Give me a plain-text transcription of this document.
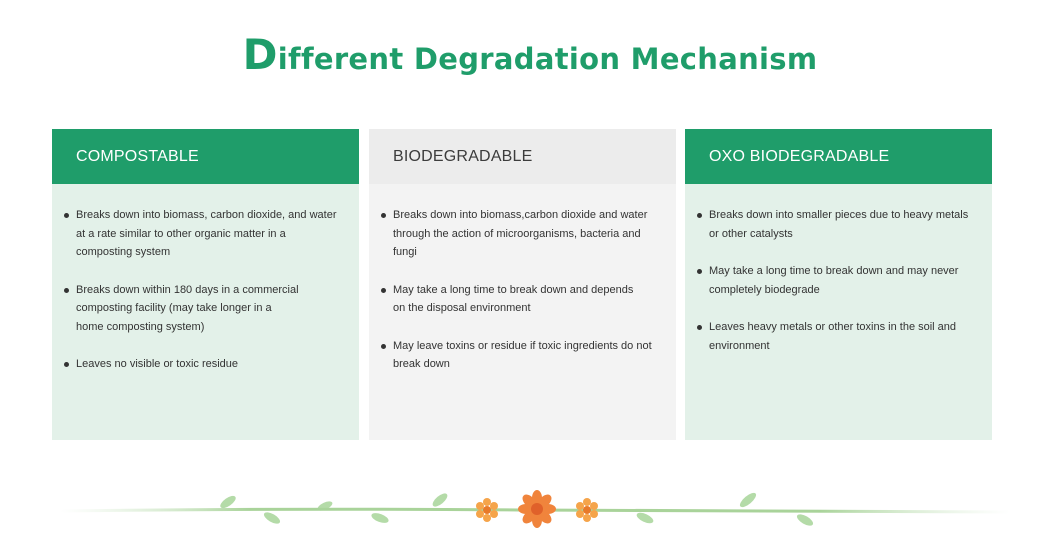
Different Degradation Mechanism
COMPOSTABLE
Breaks down into biomass, carbon dioxide, and water
at a rate similar to other organic matter in a
composting system
Breaks down within 180 days in a commercial
composting facility (may take longer in a
home composting system)
Leaves no visible or toxic residue
BIODEGRADABLE
Breaks down into biomass,carbon dioxide and water
through the action of microorganisms, bacteria and
fungi
May take a long time to break down and depends
on the disposal environment
May leave toxins or residue if toxic ingredients do not
break down
OXO BIODEGRADABLE
Breaks down into smaller pieces due to heavy metals
or other catalysts
May take a long time to break down and may never
completely biodegrade
Leaves heavy metals or other toxins in the soil and
environment
